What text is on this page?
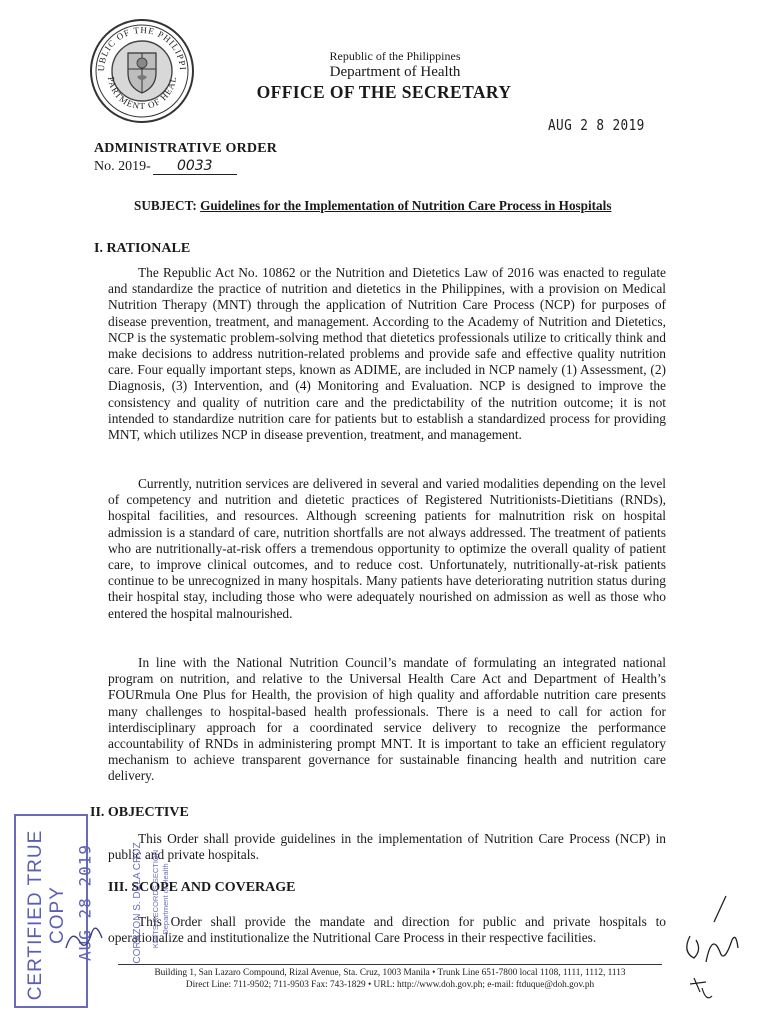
UBLIC OF THE PHILIPPI
PARTMENT OF HEAL
Republic of the Philippines
Department of Health
OFFICE OF THE SECRETARY
AUG 2 8 2019
ADMINISTRATIVE ORDER
No. 2019- 0033
SUBJECT: Guidelines for the Implementation of Nutrition Care Process in Hospitals
I. RATIONALE
The Republic Act No. 10862 or the Nutrition and Dietetics Law of 2016 was enacted to regulate and standardize the practice of nutrition and dietetics in the Philippines, with a provision on Medical Nutrition Therapy (MNT) through the application of Nutrition Care Process (NCP) for purposes of disease prevention, treatment, and management. According to the Academy of Nutrition and Dietetics, NCP is the systematic problem-solving method that dietetics professionals utilize to critically think and make decisions to address nutrition-related problems and provide safe and effective quality nutrition care. Four equally important steps, known as ADIME, are included in NCP namely (1) Assessment, (2) Diagnosis, (3) Intervention, and (4) Monitoring and Evaluation. NCP is designed to improve the consistency and quality of nutrition care and the predictability of the nutrition outcome; it is not intended to standardize nutrition care for patients but to establish a standardized process for providing MNT, which utilizes NCP in disease prevention, treatment, and management.
Currently, nutrition services are delivered in several and varied modalities depending on the level of competency and nutrition and dietetic practices of Registered Nutritionists-Dietitians (RNDs), hospital facilities, and resources. Although screening patients for malnutrition risk on hospital admission is a standard of care, nutrition shortfalls are not always addressed. The treatment of patients who are nutritionally-at-risk offers a tremendous opportunity to optimize the overall quality of patient care, to improve clinical outcomes, and to reduce cost. Unfortunately, nutritionally-at-risk patients continue to be unrecognized in many hospitals. Many patients have deteriorating nutrition status during their hospital stay, including those who were adequately nourished on admission as well as those who entered the hospital malnourished.
In line with the National Nutrition Council’s mandate of formulating an integrated national program on nutrition, and relative to the Universal Health Care Act and Department of Health’s FOURmula One Plus for Health, the provision of high quality and affordable nutrition care presents many challenges to hospital-based health professionals. There is a need to call for action for interdisciplinary approach for a coordinated service delivery to recognize the performance accountability of RNDs in administering prompt MNT. It is important to take an efficient regulatory mechanism to achieve transparent governance for sustainable financing health and nutrition care delivery.
II. OBJECTIVE
This Order shall provide guidelines in the implementation of Nutrition Care Process (NCP) in public and private hospitals.
III. SCOPE AND COVERAGE
This Order shall provide the mandate and direction for public and private hospitals to operationalize and institutionalize the Nutritional Care Process in their respective facilities.
CERTIFIED TRUE COPY AUG 28 2019	CORAZON S. DELA CRUZ KMITS-RECORDS SECTION Department of Health
Building 1, San Lazaro Compound, Rizal Avenue, Sta. Cruz, 1003 Manila • Trunk Line 651-7800 local 1108, 1111, 1112, 1113
Direct Line: 711-9502; 711-9503 Fax: 743-1829 • URL: http://www.doh.gov.ph; e-mail: ftduque@doh.gov.ph
